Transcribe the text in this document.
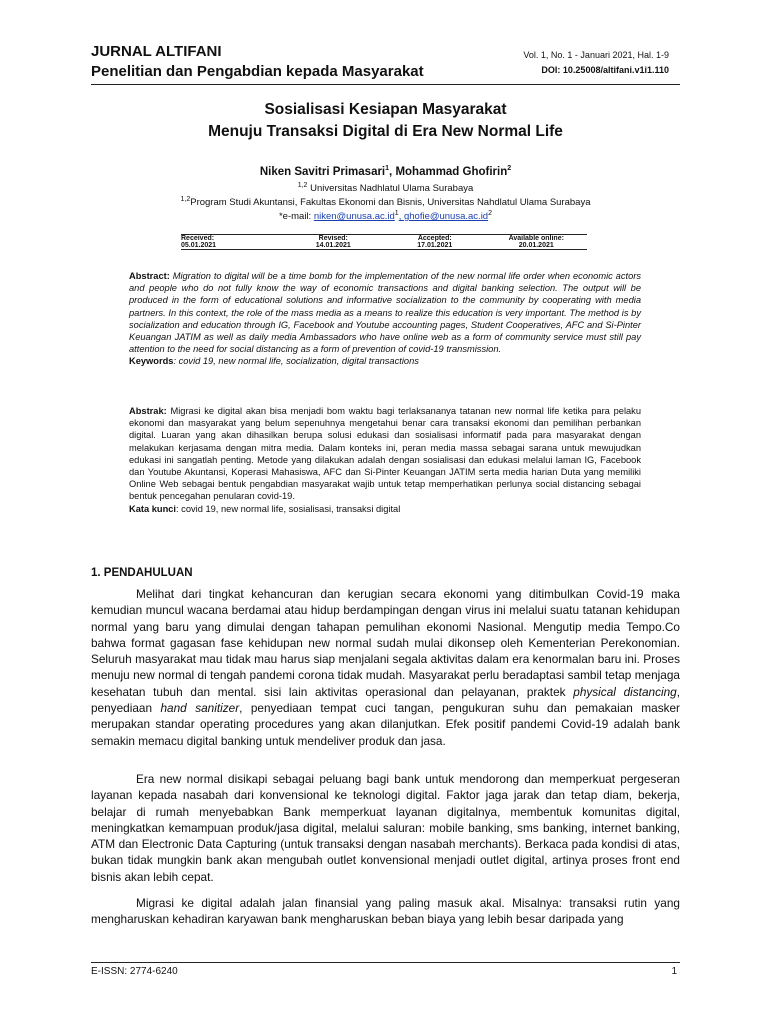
JURNAL ALTIFANI
Penelitian dan Pengabdian kepada Masyarakat
Vol. 1, No. 1 - Januari 2021, Hal. 1-9
DOI: 10.25008/altifani.v1i1.110
Sosialisasi Kesiapan Masyarakat
Menuju Transaksi Digital di Era New Normal Life
Niken Savitri Primasari$^1$, Mohammad Ghofirin$^2$
$^{1,2}$ Universitas Nadhlatul Ulama Surabaya
$^{1,2}$Program Studi Akuntansi, Fakultas Ekonomi dan Bisnis, Universitas Nahdlatul Ulama Surabaya
*e-mail: $niken@unusa.ac.id^1$, $ghofie@unusa.ac.id^2$
Received:	Revised:	Accepted:	Available online:
05.01.2021	14.01.2021	17.01.2021	20.01.2021
Abstract: Migration to digital will be a time bomb for the implementation of the new normal life order when economic actors and people who do not fully know the way of economic transactions and digital banking selection. The output will be produced in the form of educational solutions and informative socialization to the community by cooperating with media partners. In this context, the role of the mass media as a means to realize this education is very important. The method is by socialization and education through IG, Facebook and Youtube accounting pages, Student Cooperatives, AFC and Si-Pinter Keuangan JATIM as well as daily media Ambassadors who have online web as a form of community service must still pay attention to the need for social distancing as a form of prevention of covid-19 transmission.
Keywords: covid 19, new normal life, socialization, digital transactions
Abstrak: Migrasi ke digital akan bisa menjadi bom waktu bagi terlaksananya tatanan new normal life ketika para pelaku ekonomi dan masyarakat yang belum sepenuhnya mengetahui benar cara transaksi ekonomi dan pemilihan perbankan digital. Luaran yang akan dihasilkan berupa solusi edukasi dan sosialisasi informatif pada para masyarakat dengan melakukan kerjasama dengan mitra media. Dalam konteks ini, peran media massa sebagai sarana untuk mewujudkan edukasi ini sangatlah penting. Metode yang dilakukan adalah dengan sosialisasi dan edukasi melalui laman IG, Facebook dan Youtube Akuntansi, Koperasi Mahasiswa, AFC dan Si-Pinter Keuangan JATIM serta media harian Duta yang memiliki Online Web sebagai bentuk pengabdian masyarakat wajib untuk tetap memperhatikan perlunya social distancing sebagai bentuk pencegahan penularan covid-19.
Kata kunci: covid 19, new normal life, sosialisasi, transaksi digital
1. PENDAHULUAN
Melihat dari tingkat kehancuran dan kerugian secara ekonomi yang ditimbulkan Covid-19 maka kemudian muncul wacana berdamai atau hidup berdampingan dengan virus ini melalui suatu tatanan kehidupan normal yang baru yang dimulai dengan tahapan pemulihan ekonomi Nasional. Mengutip media Tempo.Co bahwa format gagasan fase kehidupan new normal sudah mulai dikonsep oleh Kementerian Perekonomian. Seluruh masyarakat mau tidak mau harus siap menjalani segala aktivitas dalam era kenormalan baru ini. Proses menuju new normal di tengah pandemi corona tidak mudah. Masyarakat perlu beradaptasi sambil tetap menjaga kesehatan tubuh dan mental. sisi lain aktivitas operasional dan pelayanan, praktek physical distancing, penyediaan hand sanitizer, penyediaan tempat cuci tangan, pengukuran suhu dan pemakaian masker merupakan standar operating procedures yang akan dilanjutkan. Efek positif pandemi Covid-19 adalah bank semakin memacu digital banking untuk mendeliver produk dan jasa.
Era new normal disikapi sebagai peluang bagi bank untuk mendorong dan memperkuat pergeseran layanan kepada nasabah dari konvensional ke teknologi digital. Faktor jaga jarak dan tetap diam, bekerja, belajar di rumah menyebabkan Bank memperkuat layanan digitalnya, membentuk komunitas digital, meningkatkan kemampuan produk/jasa digital, melalui saluran: mobile banking, sms banking, internet banking, ATM dan Electronic Data Capturing (untuk transaksi dengan nasabah merchants). Berkaca pada kondisi di atas, bukan tidak mungkin bank akan mengubah outlet konvensional menjadi outlet digital, artinya proses front end bisnis akan lebih cepat.
Migrasi ke digital adalah jalan finansial yang paling masuk akal. Misalnya: transaksi rutin yang mengharuskan kehadiran karyawan bank mengharuskan beban biaya yang lebih besar daripada yang
E-ISSN: 2774-6240	1
